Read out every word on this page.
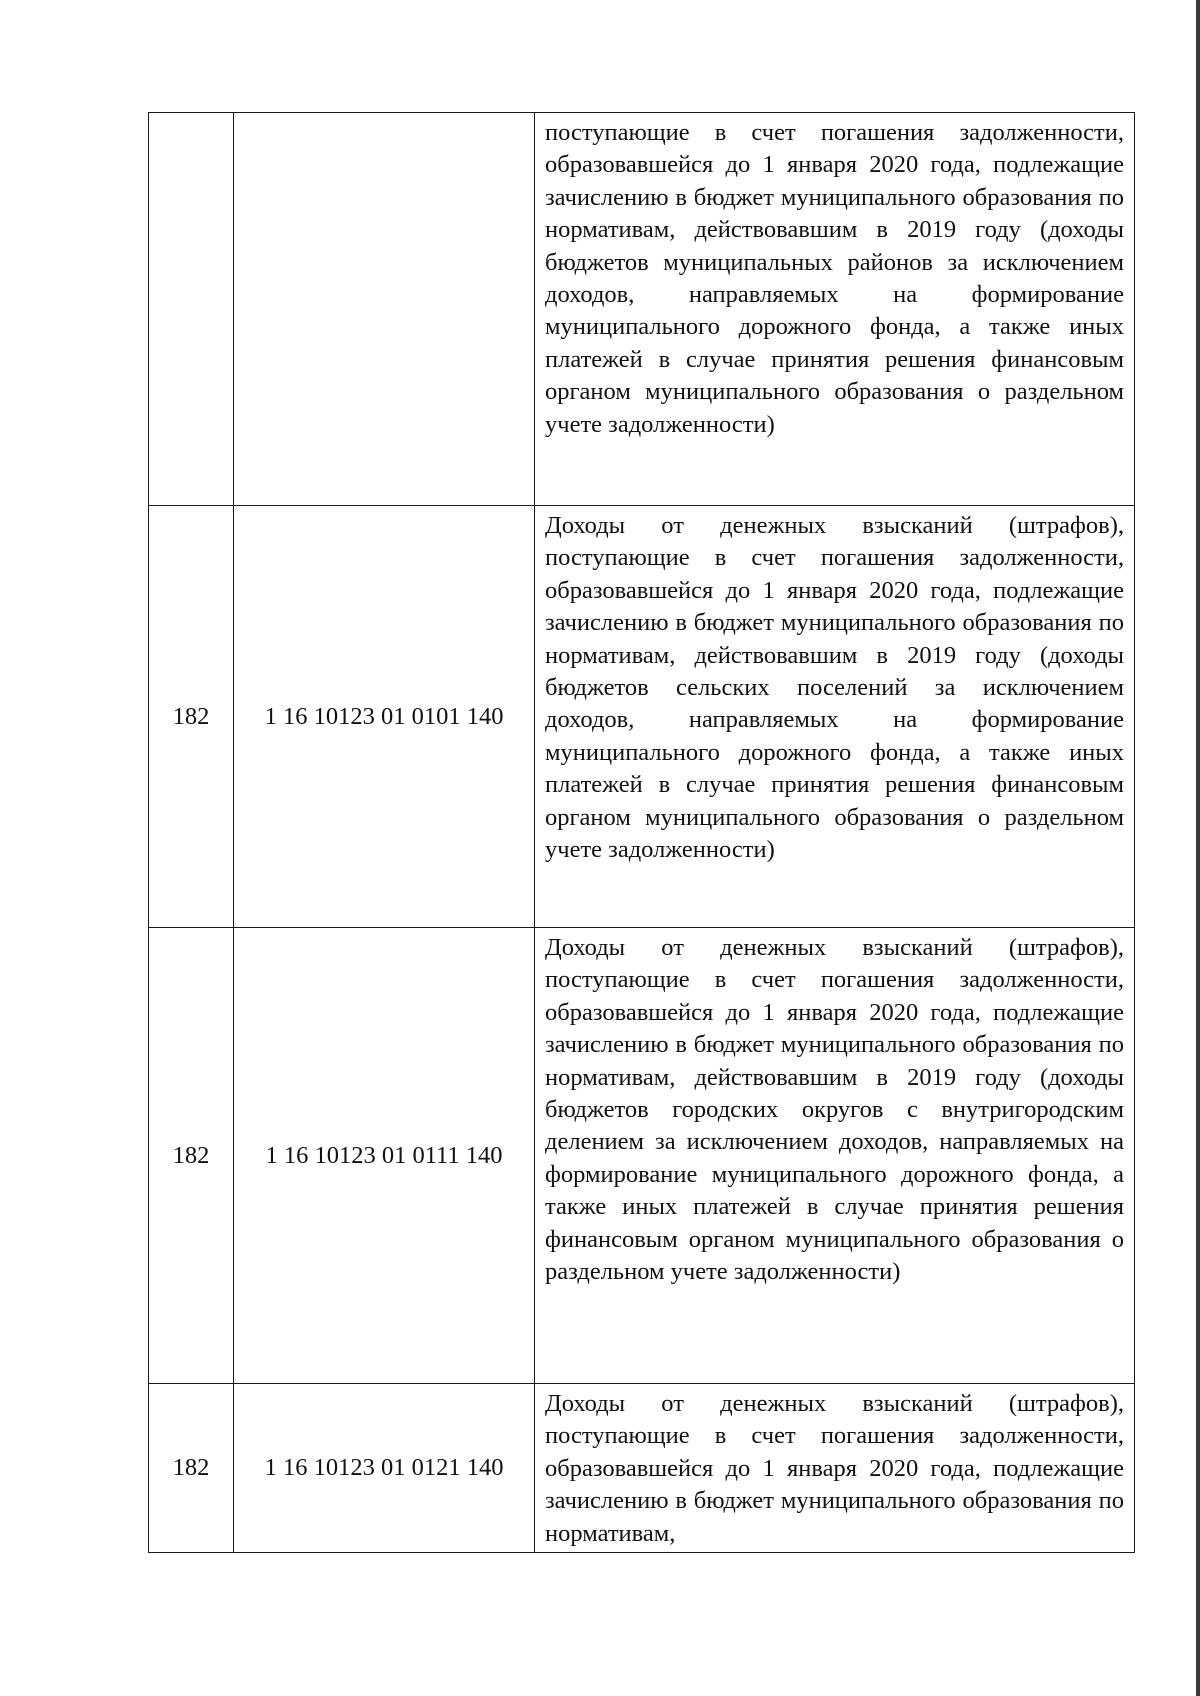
		поступающие в счет погашения задолженности, образовавшейся до 1 января 2020 года, подлежащие зачислению в бюджет муниципального образования по нормативам, действовавшим в 2019 году (доходы бюджетов муниципальных районов за исключением доходов, направляемых на формирование муниципального дорожного фонда, а также иных платежей в случае принятия решения финансовым органом муниципального образования о раздельном учете задолженности)

182	1 16 10123 01 0101 140	Доходы от денежных взысканий (штрафов), поступающие в счет погашения задолженности, образовавшейся до 1 января 2020 года, подлежащие зачислению в бюджет муниципального образования по нормативам, действовавшим в 2019 году (доходы бюджетов сельских поселений за исключением доходов, направляемых на формирование муниципального дорожного фонда, а также иных платежей в случае принятия решения финансовым органом муниципального образования о раздельном учете задолженности)

182	1 16 10123 01 0111 140	Доходы от денежных взысканий (штрафов), поступающие в счет погашения задолженности, образовавшейся до 1 января 2020 года, подлежащие зачислению в бюджет муниципального образования по нормативам, действовавшим в 2019 году (доходы бюджетов городских округов с внутригородским делением за исключением доходов, направляемых на формирование муниципального дорожного фонда, а также иных платежей в случае принятия решения финансовым органом муниципального образования о раздельном учете задолженности)

182	1 16 10123 01 0121 140	Доходы от денежных взысканий (штрафов), поступающие в счет погашения задолженности, образовавшейся до 1 января 2020 года, подлежащие зачислению в бюджет муниципального образования по нормативам,
